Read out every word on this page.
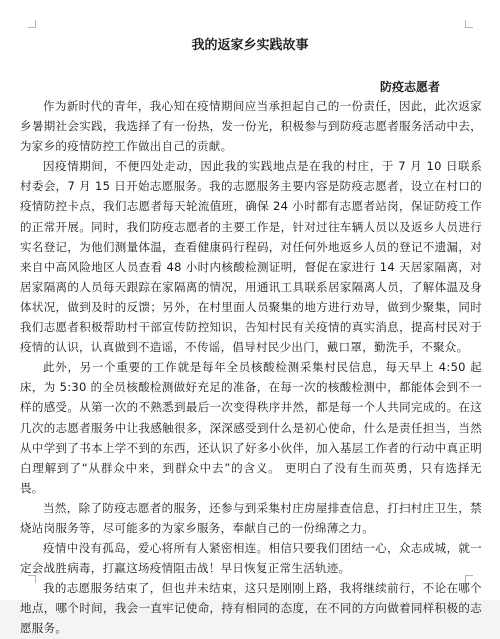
我的返家乡实践故事
防疫志愿者

作为新时代的青年，我心知在疫情期间应当承担起自己的一份责任，因此，此次返家乡暑期社会实践，我选择了有一份热，发一份光，积极参与到防疫志愿者服务活动中去，为家乡的疫情防控工作做出自己的贡献。

因疫情期间，不便四处走动，因此我的实践地点是在我的村庄，于 7 月 10 日联系村委会，7 月 15 日开始志愿服务。我的志愿服务主要内容是防疫志愿者，设立在村口的疫情防控卡点，我们志愿者每天轮流值班，确保 24 小时都有志愿者站岗，保证防疫工作的正常开展。同时，我们防疫志愿者的主要工作是，针对过往车辆人员以及返乡人员进行实名登记，为他们测量体温，查看健康码行程码，对任何外地返乡人员的登记不遗漏，对来自中高风险地区人员查看 48 小时内核酸检测证明，督促在家进行 14 天居家隔离，对居家隔离的人员每天跟踪在家隔离的情况，用通讯工具联系居家隔离人员，了解体温及身体状况，做到及时的反馈；另外，在村里面人员聚集的地方进行劝导，做到少聚集，同时我们志愿者积极帮助村干部宣传防控知识，告知村民有关疫情的真实消息，提高村民对于疫情的认识，认真做到不造谣，不传谣，倡导村民少出门，戴口罩，勤洗手，不聚众。

此外，另一个重要的工作就是每年全员核酸检测采集村民信息，每天早上 4:50 起床，为 5:30 的全员核酸检测做好充足的准备，在每一次的核酸检测中，都能体会到不一样的感受。从第一次的不熟悉到最后一次变得秩序井然，都是每一个人共同完成的。在这几次的志愿者服务中让我感触很多，深深感受到什么是初心使命，什么是责任担当，当然从中学到了书本上学不到的东西，还认识了好多小伙伴，加入基层工作者的行动中真正明白理解到了“从群众中来，到群众中去”的含义。 更明白了没有生而英勇，只有选择无畏。

当然，除了防疫志愿者的服务，还参与到采集村庄房屋排查信息，打扫村庄卫生，禁烧站岗服务等，尽可能多的为家乡服务，奉献自己的一份绵薄之力。

疫情中没有孤岛，爱心将所有人紧密相连。相信只要我们团结一心，众志成城，就一定会战胜病毒，打赢这场疫情阻击战！早日恢复正常生活轨迹。

我的志愿服务结束了，但也并未结束，这只是刚刚上路，我将继续前行，不论在哪个地点，哪个时间，我会一直牢记使命，持有相同的态度，在不同的方向做着同样积极的志愿服务。
